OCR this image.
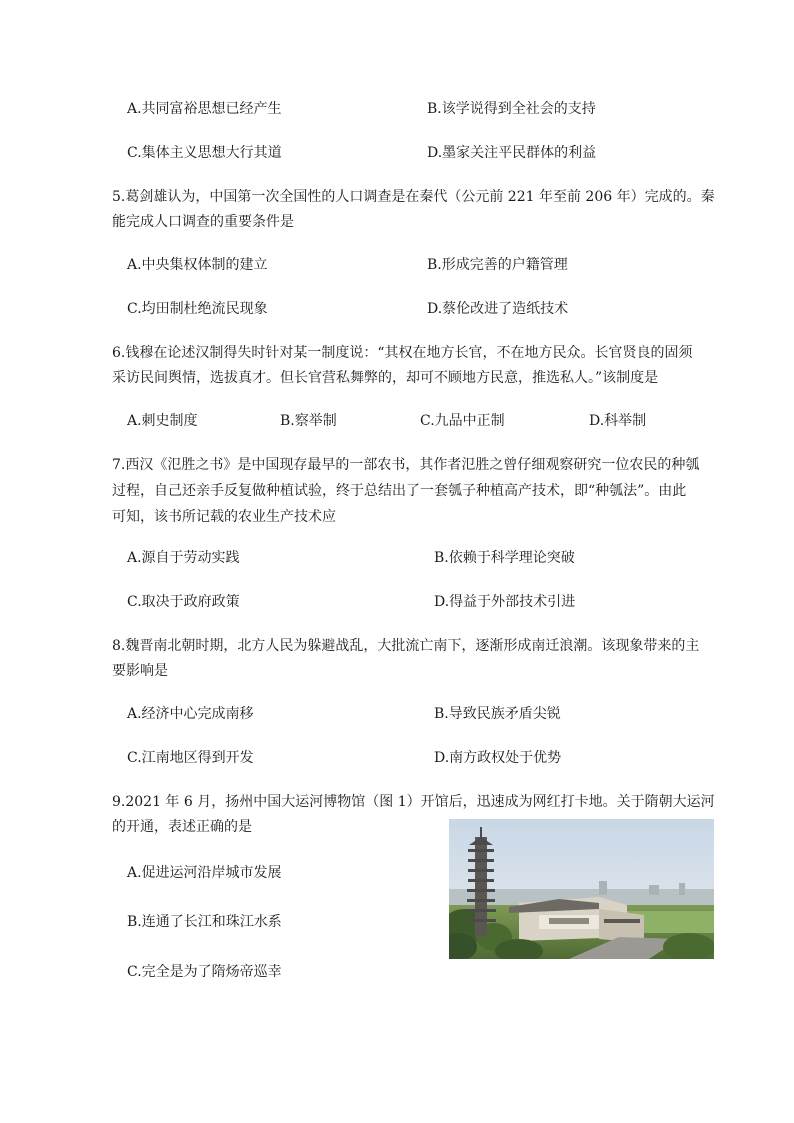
A.共同富裕思想已经产生	B.该学说得到全社会的支持
C.集体主义思想大行其道	D.墨家关注平民群体的利益
5.葛剑雄认为，中国第一次全国性的人口调查是在秦代（公元前 221 年至前 206 年）完成的。秦
能完成人口调查的重要条件是
A.中央集权体制的建立	B.形成完善的户籍管理
C.均田制杜绝流民现象	D.蔡伦改进了造纸技术
6.钱穆在论述汉制得失时针对某一制度说：“其权在地方长官，不在地方民众。长官贤良的固须
采访民间舆情，选拔真才。但长官营私舞弊的，却可不顾地方民意，推选私人。”该制度是
A.刺史制度	B.察举制	C.九品中正制	D.科举制
7.西汉《氾胜之书》是中国现存最早的一部农书，其作者氾胜之曾仔细观察研究一位农民的种瓠
过程，自己还亲手反复做种植试验，终于总结出了一套瓠子种植高产技术，即“种瓠法”。由此
可知，该书所记载的农业生产技术应
A.源自于劳动实践	B.依赖于科学理论突破
C.取决于政府政策	D.得益于外部技术引进
8.魏晋南北朝时期，北方人民为躲避战乱，大批流亡南下，逐渐形成南迁浪潮。该现象带来的主
要影响是
A.经济中心完成南移	B.导致民族矛盾尖锐
C.江南地区得到开发	D.南方政权处于优势
9.2021 年 6 月，扬州中国大运河博物馆（图 1）开馆后，迅速成为网红打卡地。关于隋朝大运河
的开通，表述正确的是
A.促进运河沿岸城市发展
B.连通了长江和珠江水系
C.完全是为了隋炀帝巡幸
